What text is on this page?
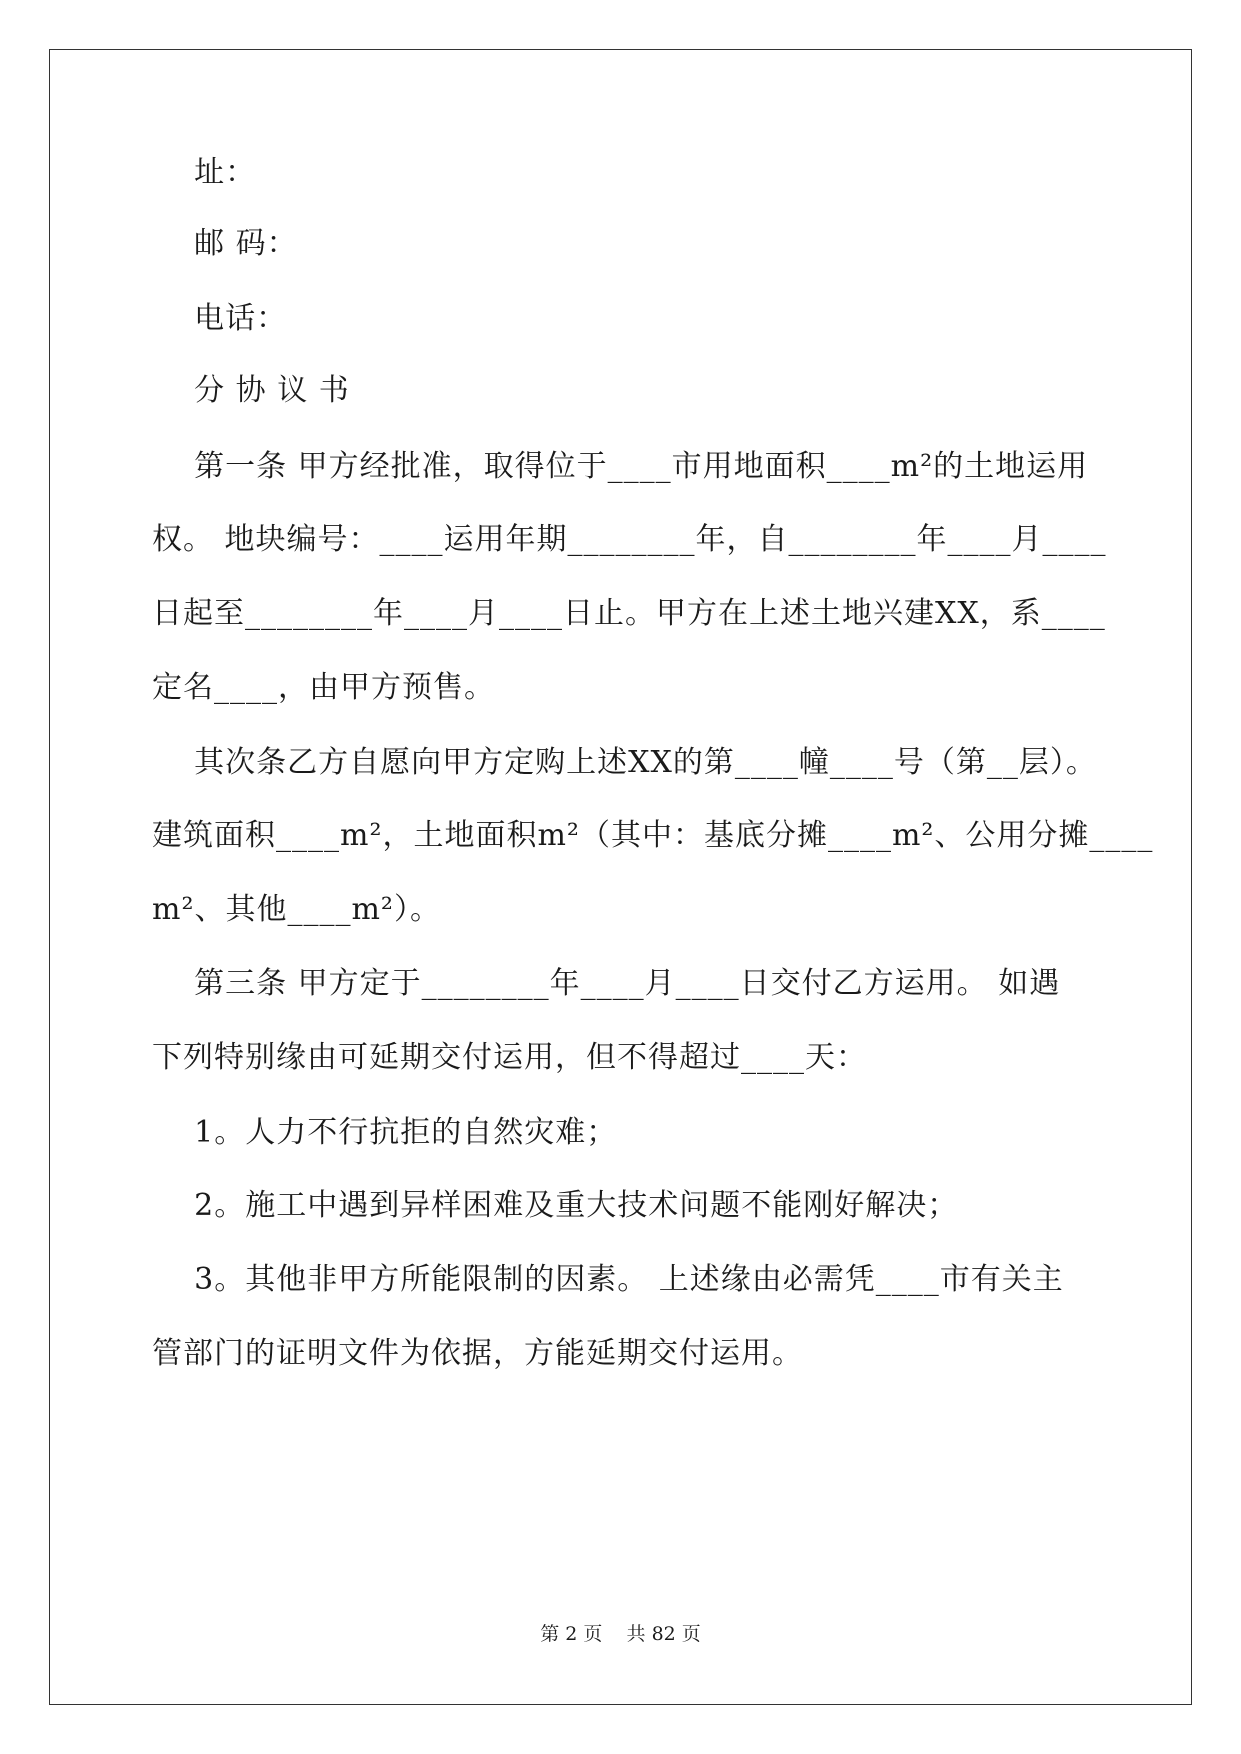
址：
邮 码：
电话：
分 协 议 书
第一条 甲方经批准，取得位于____市用地面积____m²的土地运用
权。 地块编号：____运用年期________年，自________年____月____
日起至________年____月____日止。甲方在上述土地兴建XX，系____
定名____，由甲方预售。
其次条乙方自愿向甲方定购上述XX的第____幢____号（第__层）。
建筑面积____m²，土地面积m²（其中：基底分摊____m²、公用分摊____
m²、其他____m²）。
第三条 甲方定于________年____月____日交付乙方运用。 如遇
下列特别缘由可延期交付运用，但不得超过____天：
1。人力不行抗拒的自然灾难；
2。施工中遇到异样困难及重大技术问题不能刚好解决；
3。其他非甲方所能限制的因素。 上述缘由必需凭____市有关主
管部门的证明文件为依据，方能延期交付运用。
第 2 页    共 82 页
